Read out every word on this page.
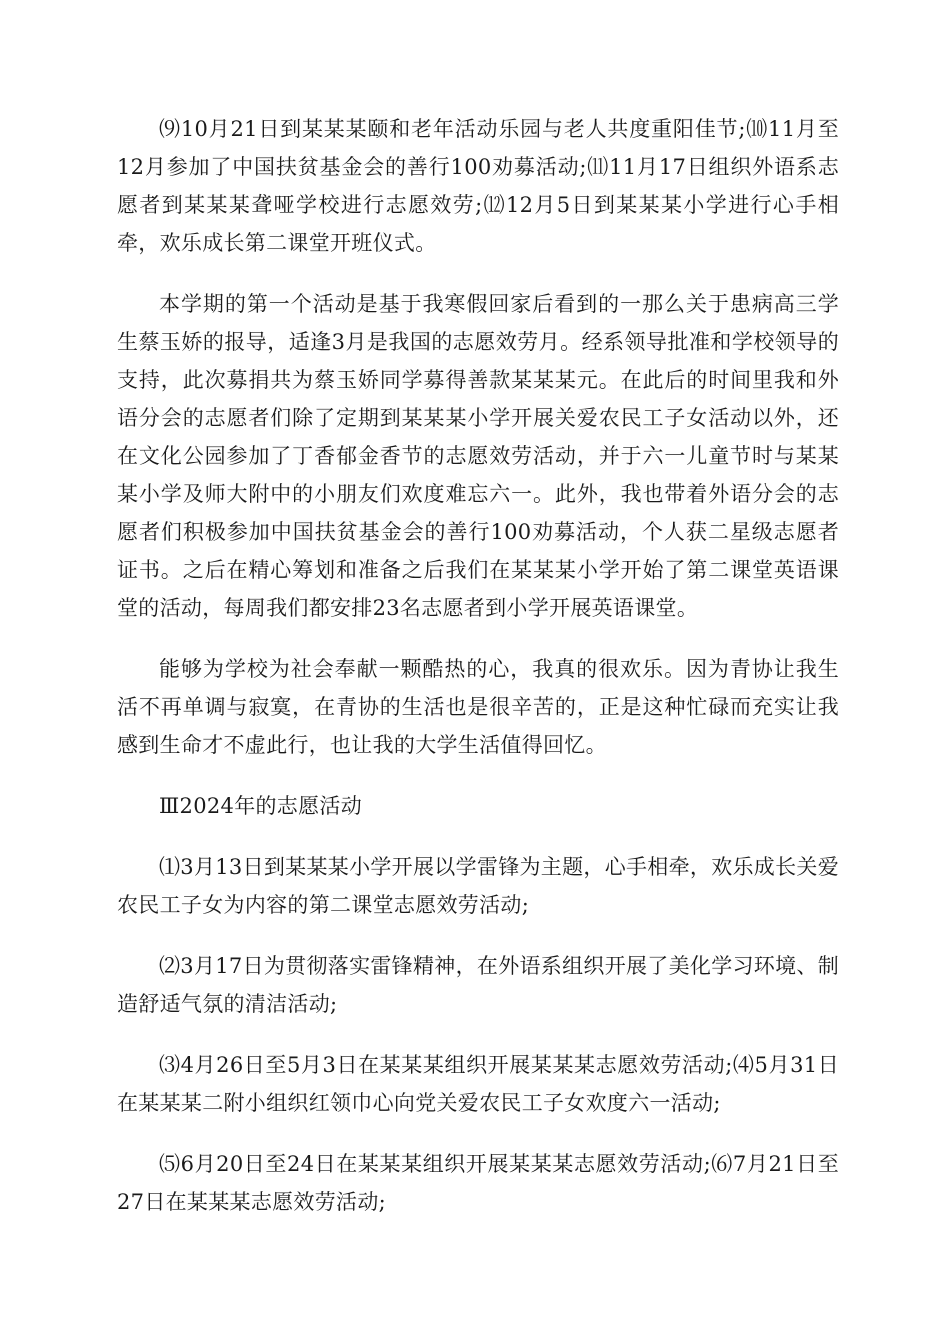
⑼10月21日到某某某颐和老年活动乐园与老人共度重阳佳节;⑽11月至12月参加了中国扶贫基金会的善行100劝募活动;⑾11月17日组织外语系志愿者到某某某聋哑学校进行志愿效劳;⑿12月5日到某某某小学进行心手相牵，欢乐成长第二课堂开班仪式。

本学期的第一个活动是基于我寒假回家后看到的一那么关于患病高三学生蔡玉娇的报导，适逢3月是我国的志愿效劳月。经系领导批准和学校领导的支持，此次募捐共为蔡玉娇同学募得善款某某某元。在此后的时间里我和外语分会的志愿者们除了定期到某某某小学开展关爱农民工子女活动以外，还在文化公园参加了丁香郁金香节的志愿效劳活动，并于六一儿童节时与某某某小学及师大附中的小朋友们欢度难忘六一。此外，我也带着外语分会的志愿者们积极参加中国扶贫基金会的善行100劝募活动，个人获二星级志愿者证书。之后在精心筹划和准备之后我们在某某某小学开始了第二课堂英语课堂的活动，每周我们都安排23名志愿者到小学开展英语课堂。

能够为学校为社会奉献一颗酷热的心，我真的很欢乐。因为青协让我生活不再单调与寂寞，在青协的生活也是很辛苦的，正是这种忙碌而充实让我感到生命才不虚此行，也让我的大学生活值得回忆。

Ⅲ2024年的志愿活动

⑴3月13日到某某某小学开展以学雷锋为主题，心手相牵，欢乐成长关爱农民工子女为内容的第二课堂志愿效劳活动;

⑵3月17日为贯彻落实雷锋精神，在外语系组织开展了美化学习环境、制造舒适气氛的清洁活动;

⑶4月26日至5月3日在某某某组织开展某某某志愿效劳活动;⑷5月31日在某某某二附小组织红领巾心向党关爱农民工子女欢度六一活动;

⑸6月20日至24日在某某某组织开展某某某志愿效劳活动;⑹7月21日至27日在某某某志愿效劳活动;
